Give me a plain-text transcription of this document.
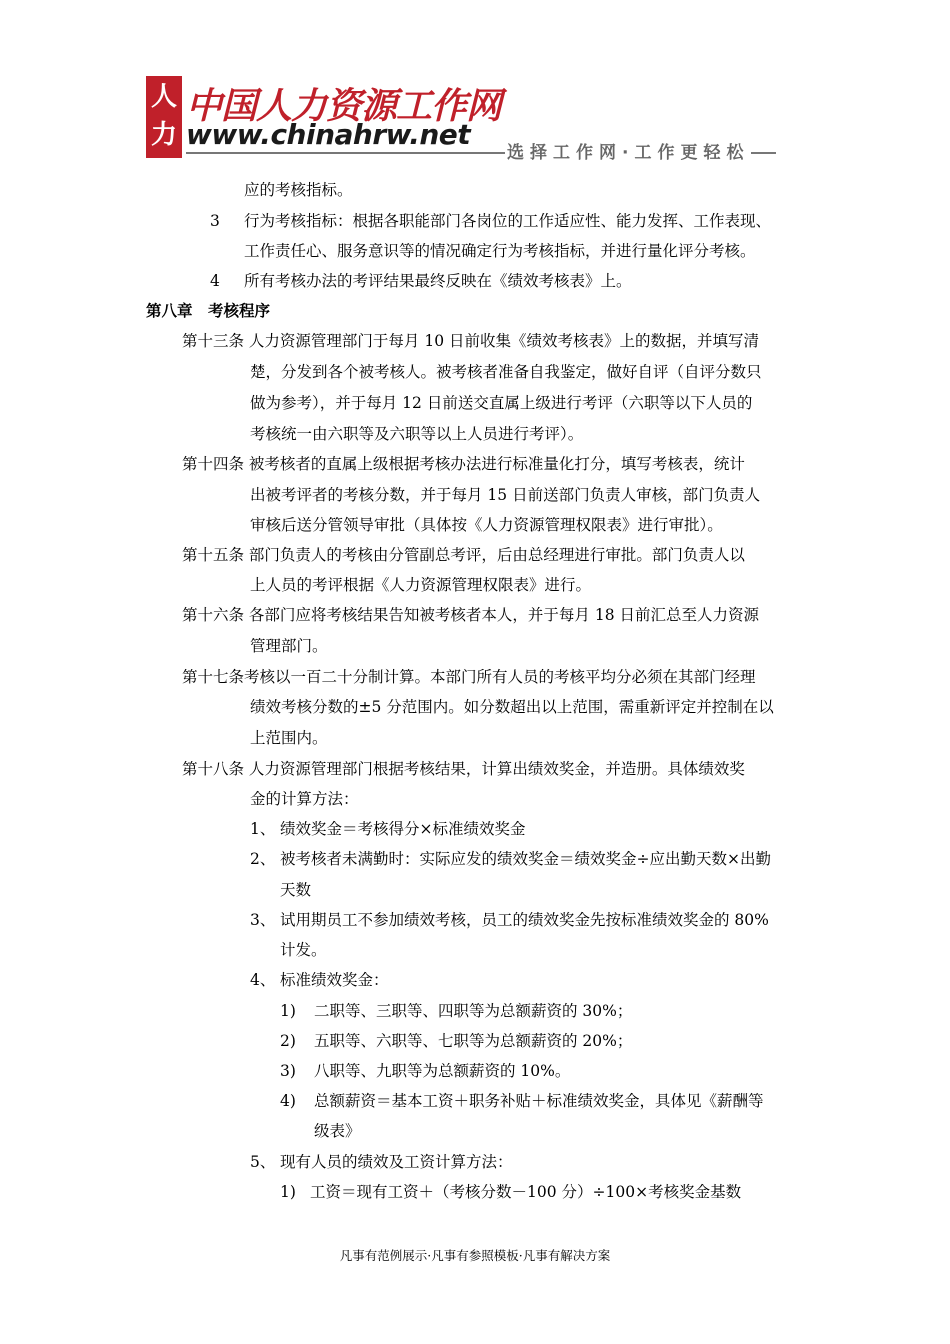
人
力
中国人力资源工作网
www.chinahrw.net
选择工作网·工作更轻松
应的考核指标。
3 行为考核指标：根据各职能部门各岗位的工作适应性、能力发挥、工作表现、
工作责任心、服务意识等的情况确定行为考核指标，并进行量化评分考核。
4 所有考核办法的考评结果最终反映在《绩效考核表》上。
第八章　考核程序
第十三条 人力资源管理部门于每月 10 日前收集《绩效考核表》上的数据，并填写清
楚，分发到各个被考核人。被考核者准备自我鉴定，做好自评（自评分数只
做为参考），并于每月 12 日前送交直属上级进行考评（六职等以下人员的
考核统一由六职等及六职等以上人员进行考评）。
第十四条 被考核者的直属上级根据考核办法进行标准量化打分，填写考核表，统计
出被考评者的考核分数，并于每月 15 日前送部门负责人审核，部门负责人
审核后送分管领导审批（具体按《人力资源管理权限表》进行审批）。
第十五条 部门负责人的考核由分管副总考评，后由总经理进行审批。部门负责人以
上人员的考评根据《人力资源管理权限表》进行。
第十六条 各部门应将考核结果告知被考核者本人，并于每月 18 日前汇总至人力资源
管理部门。
第十七条考核以一百二十分制计算。本部门所有人员的考核平均分必须在其部门经理
绩效考核分数的±5 分范围内。如分数超出以上范围，需重新评定并控制在以
上范围内。
第十八条 人力资源管理部门根据考核结果，计算出绩效奖金，并造册。具体绩效奖
金的计算方法：
1、 绩效奖金＝考核得分×标准绩效奖金
2、 被考核者未满勤时：实际应发的绩效奖金＝绩效奖金÷应出勤天数×出勤
天数
3、 试用期员工不参加绩效考核，员工的绩效奖金先按标准绩效奖金的 80%
计发。
4、 标准绩效奖金：
1) 二职等、三职等、四职等为总额薪资的 30%；
2) 五职等、六职等、七职等为总额薪资的 20%；
3) 八职等、九职等为总额薪资的 10%。
4) 总额薪资＝基本工资＋职务补贴＋标准绩效奖金，具体见《薪酬等
级表》
5、 现有人员的绩效及工资计算方法：
1) 工资＝现有工资＋（考核分数－100 分）÷100×考核奖金基数
凡事有范例展示·凡事有参照模板·凡事有解决方案
